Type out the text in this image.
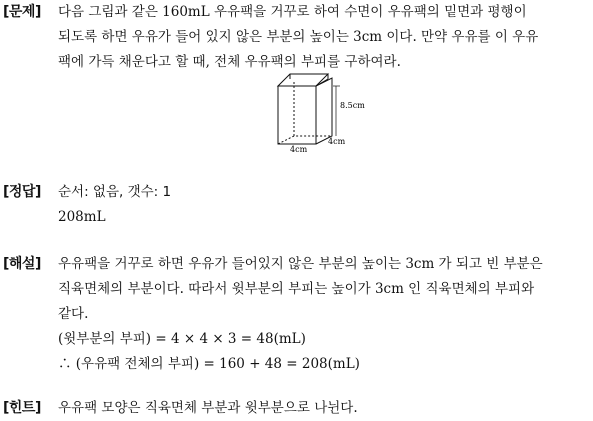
[문제] 다음 그림과 같은 160mL 우유팩을 거꾸로 하여 수면이 우유팩의 밑면과 평행이
되도록 하면 우유가 들어 있지 않은 부분의 높이는 3cm 이다. 만약 우유를 이 우유
팩에 가득 채운다고 할 때, 전체 우유팩의 부피를 구하여라.
8.5cm
4cm
4cm
[정답] 순서: 없음, 갯수: 1
208mL
[해설] 우유팩을 거꾸로 하면 우유가 들어있지 않은 부분의 높이는 3cm 가 되고 빈 부분은
직육면체의 부분이다. 따라서 윗부분의 부피는 높이가 3cm 인 직육면체의 부피와
같다.
(윗부분의 부피) = 4 × 4 × 3 = 48(mL)
∴ (우유팩 전체의 부피) = 160 + 48 = 208(mL)
[힌트] 우유팩 모양은 직육면체 부분과 윗부분으로 나뉜다.
